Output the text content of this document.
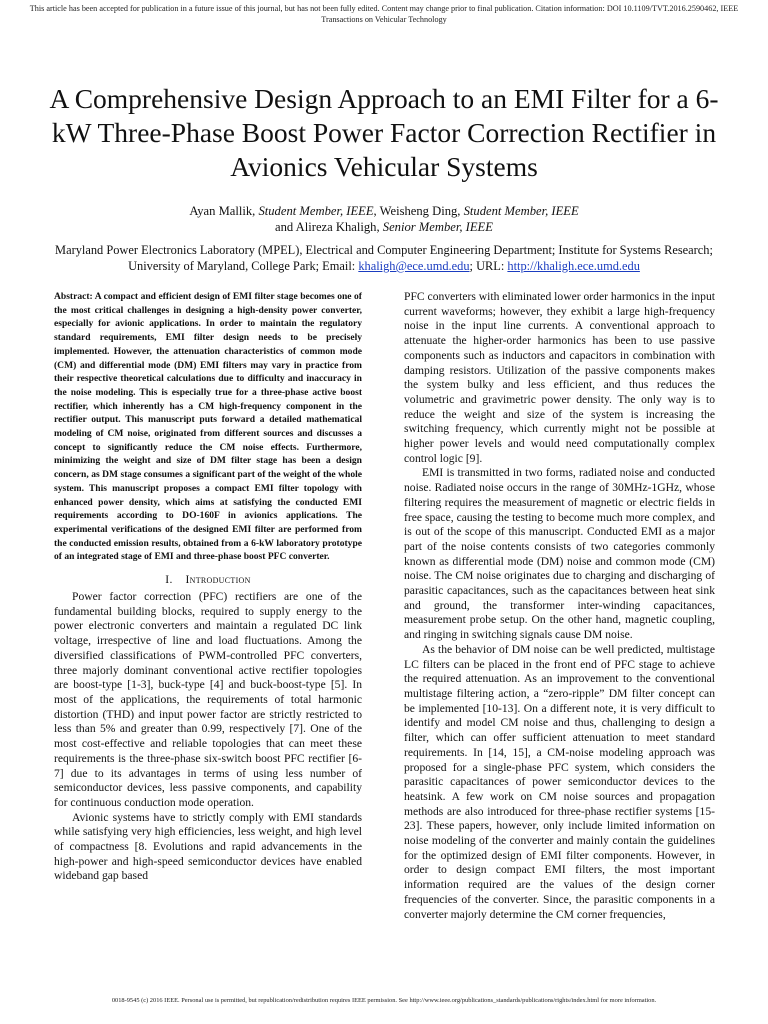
This article has been accepted for publication in a future issue of this journal, but has not been fully edited. Content may change prior to final publication. Citation information: DOI 10.1109/TVT.2016.2590462, IEEE Transactions on Vehicular Technology
A Comprehensive Design Approach to an EMI Filter for a 6-kW Three-Phase Boost Power Factor Correction Rectifier in Avionics Vehicular Systems
Ayan Mallik, Student Member, IEEE, Weisheng Ding, Student Member, IEEE
and Alireza Khaligh, Senior Member, IEEE
Maryland Power Electronics Laboratory (MPEL), Electrical and Computer Engineering Department; Institute for Systems Research; University of Maryland, College Park; Email: khaligh@ece.umd.edu; URL: http://khaligh.ece.umd.edu

Abstract: A compact and efficient design of EMI filter stage becomes one of the most critical challenges in designing a high-density power converter, especially for avionic applications. In order to maintain the regulatory standard requirements, EMI filter design needs to be precisely implemented. However, the attenuation characteristics of common mode (CM) and differential mode (DM) EMI filters may vary in practice from their respective theoretical calculations due to difficulty and inaccuracy in the noise modeling. This is especially true for a three-phase active boost rectifier, which inherently has a CM high-frequency component in the rectifier output. This manuscript puts forward a detailed mathematical modeling of CM noise, originated from different sources and discusses a concept to significantly reduce the CM noise effects. Furthermore, minimizing the weight and size of DM filter stage has been a design concern, as DM stage consumes a significant part of the weight of the whole system. This manuscript proposes a compact EMI filter topology with enhanced power density, which aims at satisfying the conducted EMI requirements according to DO-160F in avionics applications. The experimental verifications of the designed EMI filter are performed from the conducted emission results, obtained from a 6-kW laboratory prototype of an integrated stage of EMI and three-phase boost PFC converter.

I. Introduction

Power factor correction (PFC) rectifiers are one of the fundamental building blocks, required to supply energy to the power electronic converters and maintain a regulated DC link voltage, irrespective of line and load fluctuations. Among the diversified classifications of PWM-controlled PFC converters, three majorly dominant conventional active rectifier topologies are boost-type [1-3], buck-type [4] and buck-boost-type [5]. In most of the applications, the requirements of total harmonic distortion (THD) and input power factor are strictly restricted to less than 5% and greater than 0.99, respectively [7]. One of the most cost-effective and reliable topologies that can meet these requirements is the three-phase six-switch boost PFC rectifier [6-7] due to its advantages in terms of using less number of semiconductor devices, less passive components, and capability for continuous conduction mode operation.

Avionic systems have to strictly comply with EMI standards while satisfying very high efficiencies, less weight, and high level of compactness [8. Evolutions and rapid advancements in the high-power and high-speed semiconductor devices have enabled wideband gap based

PFC converters with eliminated lower order harmonics in the input current waveforms; however, they exhibit a large high-frequency noise in the input line currents. A conventional approach to attenuate the higher-order harmonics has been to use passive components such as inductors and capacitors in combination with damping resistors. Utilization of the passive components makes the system bulky and less efficient, and thus reduces the volumetric and gravimetric power density. The only way is to reduce the weight and size of the system is increasing the switching frequency, which currently might not be possible at higher power levels and would need computationally complex control logic [9].

EMI is transmitted in two forms, radiated noise and conducted noise. Radiated noise occurs in the range of 30MHz-1GHz, whose filtering requires the measurement of magnetic or electric fields in free space, causing the testing to become much more complex, and is out of the scope of this manuscript. Conducted EMI as a major part of the noise contents consists of two categories commonly known as differential mode (DM) noise and common mode (CM) noise. The CM noise originates due to charging and discharging of parasitic capacitances, such as the capacitances between heat sink and ground, the transformer inter-winding capacitances, measurement probe setup. On the other hand, magnetic coupling, and ringing in switching signals cause DM noise.

As the behavior of DM noise can be well predicted, multistage LC filters can be placed in the front end of PFC stage to achieve the required attenuation. As an improvement to the conventional multistage filtering action, a “zero-ripple” DM filter concept can be implemented [10-13]. On a different note, it is very difficult to identify and model CM noise and thus, challenging to design a filter, which can offer sufficient attenuation to meet standard requirements. In [14, 15], a CM-noise modeling approach was proposed for a single-phase PFC system, which considers the parasitic capacitances of power semiconductor devices to the heatsink. A few work on CM noise sources and propagation methods are also introduced for three-phase rectifier systems [15-23]. These papers, however, only include limited information on noise modeling of the converter and mainly contain the guidelines for the optimized design of EMI filter components. However, in order to design compact EMI filters, the most important information required are the values of the design corner frequencies of the converter. Since, the parasitic components in a converter majorly determine the CM corner frequencies,

0018-9545 (c) 2016 IEEE. Personal use is permitted, but republication/redistribution requires IEEE permission. See http://www.ieee.org/publications_standards/publications/rights/index.html for more information.
